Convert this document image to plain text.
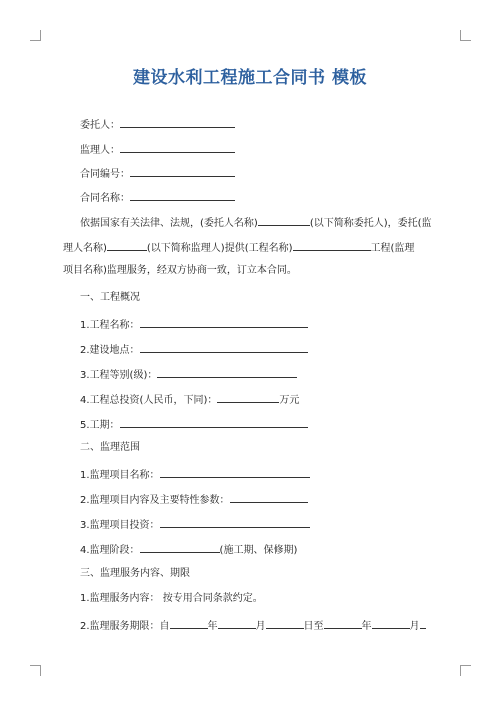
建设水利工程施工合同书 模板
委托人：
监理人：
合同编号：
合同名称：
依据国家有关法律、法规，(委托人名称)	(以下简称委托人)，委托(监
理人名称)	(以下简称监理人)提供(工程名称)	工程(监理
项目名称)监理服务，经双方协商一致，订立本合同。
一、工程概况
1.工程名称：
2.建设地点：
3.工程等别(级)：
4.工程总投资(人民币，下同)：	万元
5.工期：
二、监理范围
1.监理项目名称：
2.监理项目内容及主要特性参数：
3.监理项目投资：
4.监理阶段：	(施工期、保修期)
三、监理服务内容、期限
1.监理服务内容： 按专用合同条款约定。
2.监理服务期限：自	年	月	日至	年	月
